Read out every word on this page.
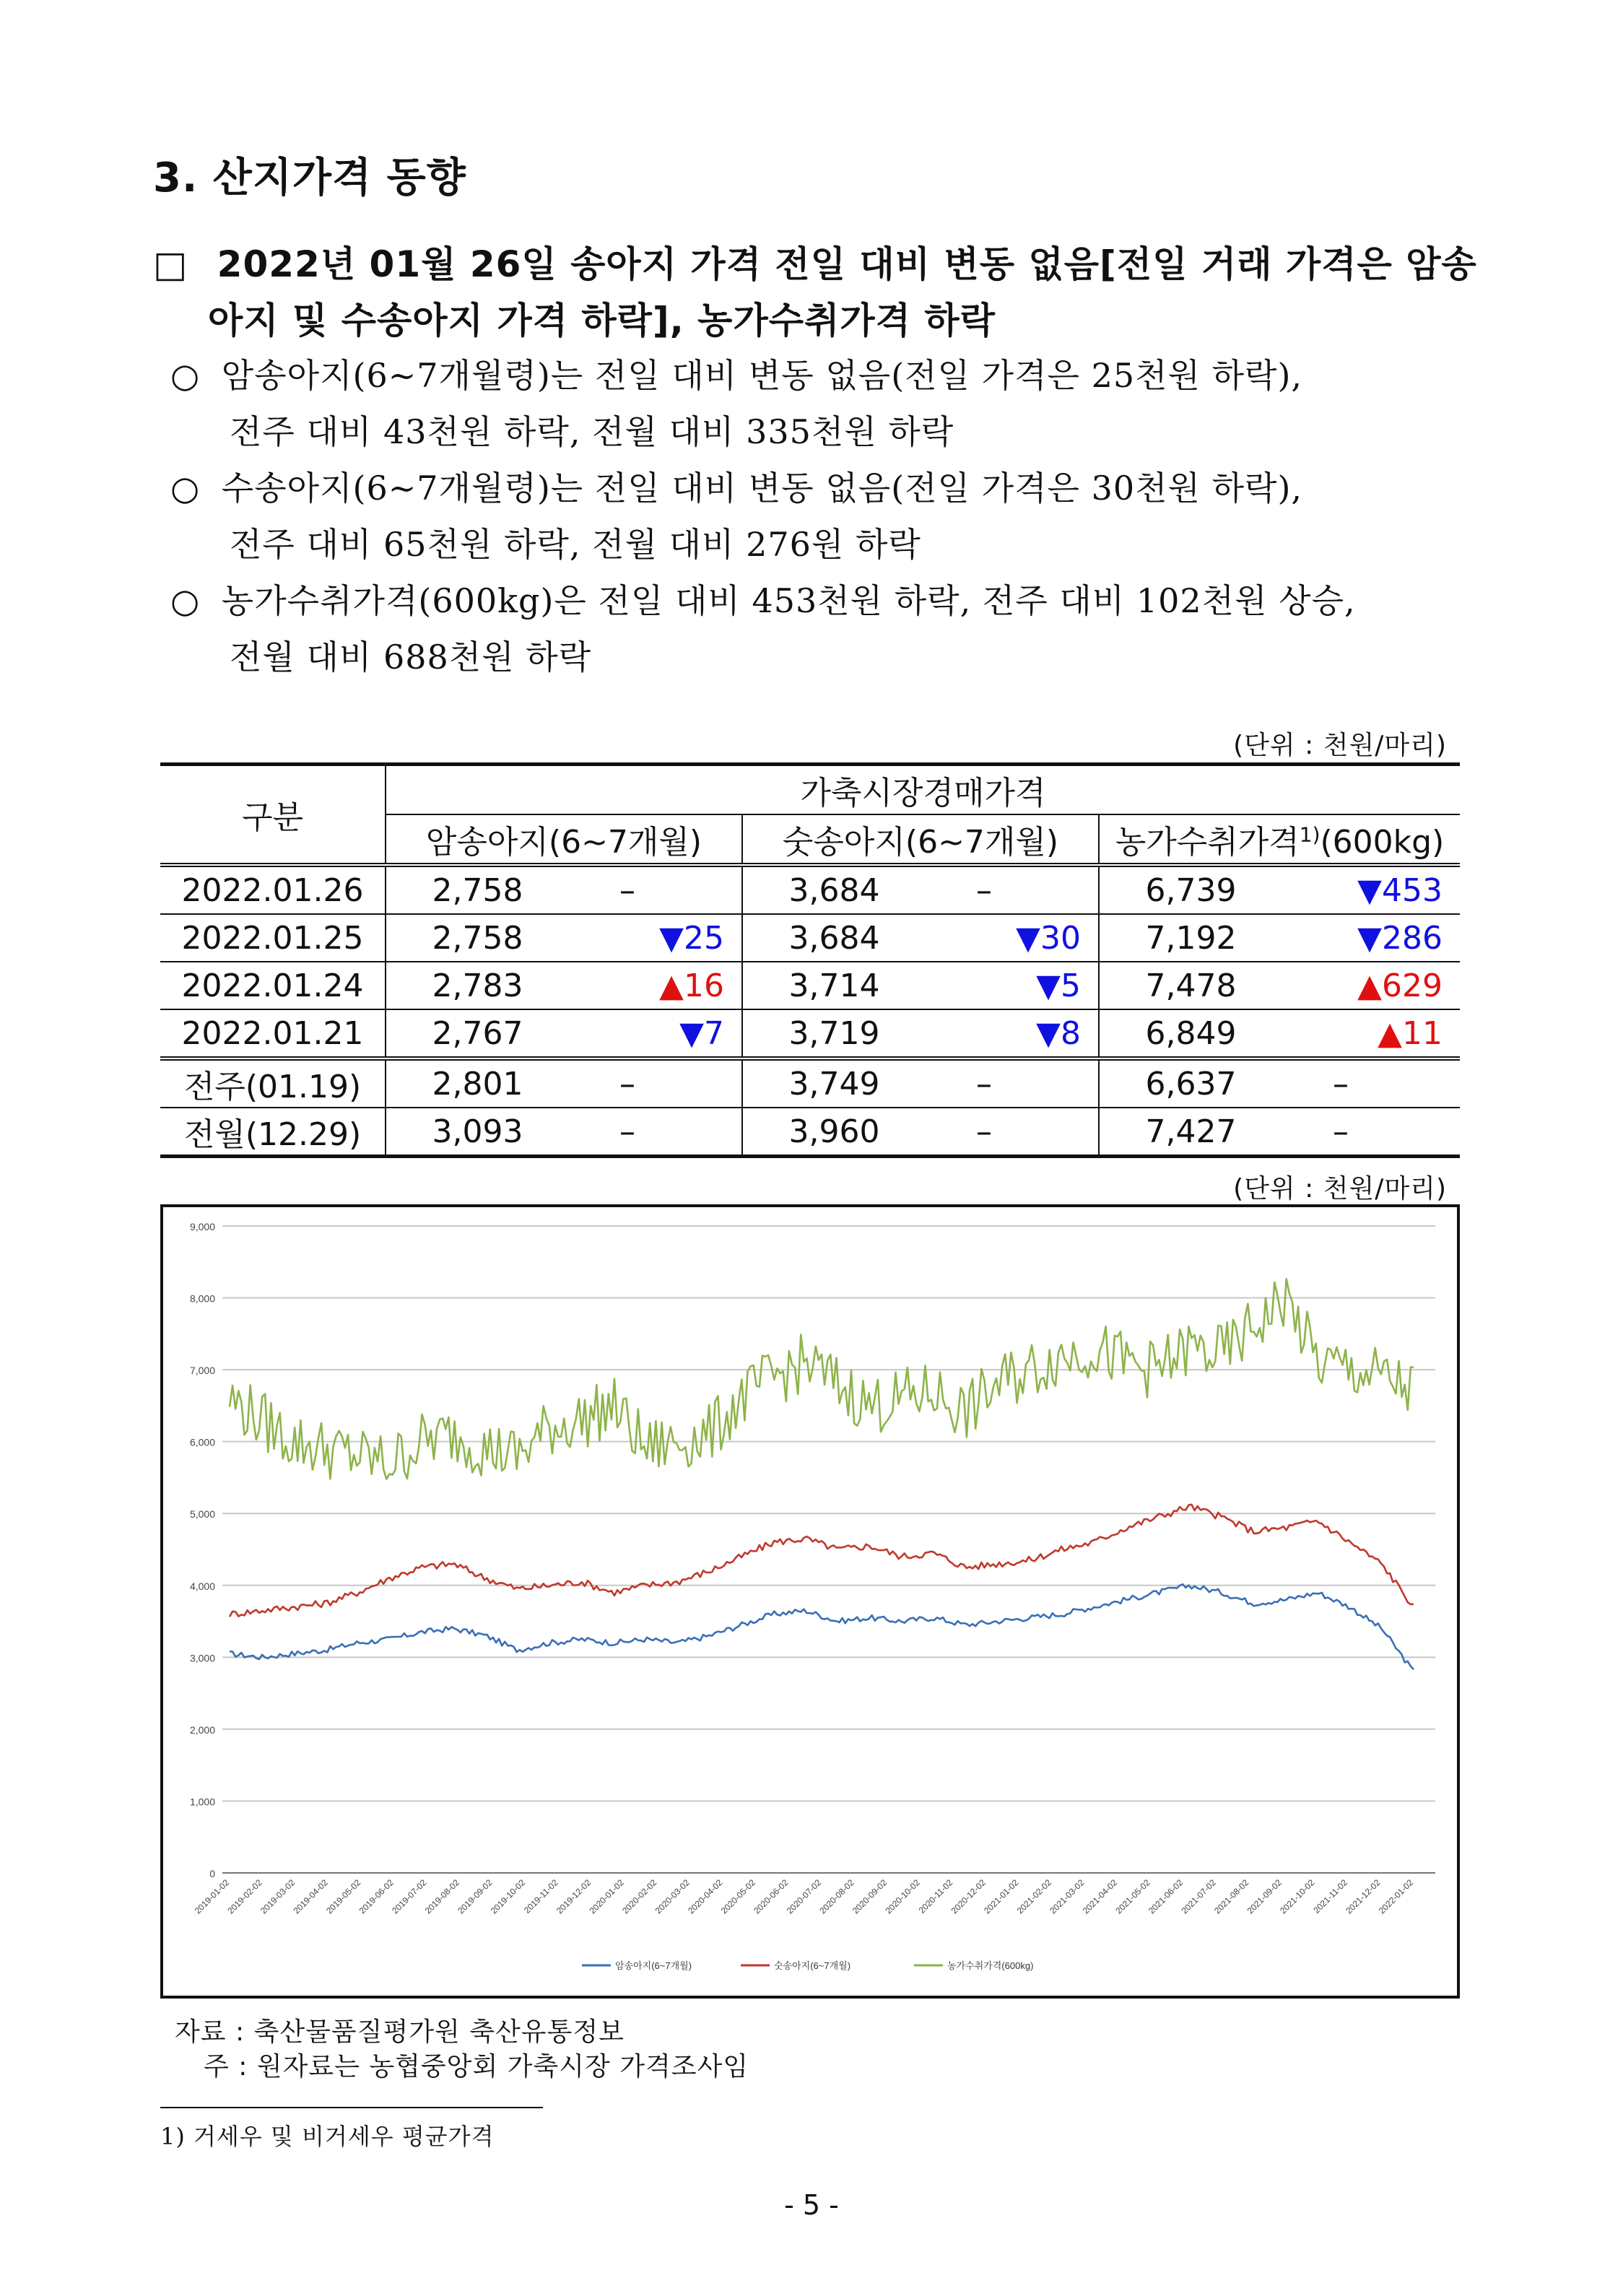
3. 산지가격 동향
□ 2022년 01월 26일 송아지 가격 전일 대비 변동 없음[전일 거래 가격은 암송
아지 및 수송아지 가격 하락], 농가수취가격 하락
○ 암송아지(6~7개월령)는 전일 대비 변동 없음(전일 가격은 25천원 하락),
전주 대비 43천원 하락, 전월 대비 335천원 하락
○ 수송아지(6~7개월령)는 전일 대비 변동 없음(전일 가격은 30천원 하락),
전주 대비 65천원 하락, 전월 대비 276원 하락
○ 농가수취가격(600kg)은 전일 대비 453천원 하락, 전주 대비 102천원 상승,
전월 대비 688천원 하락
(단위 : 천원/마리)
구분	가축시장경매가격					
	암송아지(6~7개월)		숫송아지(6~7개월)		농가수취가격$^{1)}$(600kg)	
2022.01.26	2,758	–	3,684	–	6,739	▼453
2022.01.25	2,758	▼25	3,684	▼30	7,192	▼286
2022.01.24	2,783	▲16	3,714	▼5	7,478	▲629
2022.01.21	2,767	▼7	3,719	▼8	6,849	▲11
전주(01.19)	2,801	–	3,749	–	6,637	–
전월(12.29)	3,093	–	3,960	–	7,427	–
(단위 : 천원/마리)
0
1,000
2,000
3,000
4,000
5,000
6,000
7,000
8,000
9,000
2019-01-02
2019-02-02
2019-03-02
2019-04-02
2019-05-02
2019-06-02
2019-07-02
2019-08-02
2019-09-02
2019-10-02
2019-11-02
2019-12-02
2020-01-02
2020-02-02
2020-03-02
2020-04-02
2020-05-02
2020-06-02
2020-07-02
2020-08-02
2020-09-02
2020-10-02
2020-11-02
2020-12-02
2021-01-02
2021-02-02
2021-03-02
2021-04-02
2021-05-02
2021-06-02
2021-07-02
2021-08-02
2021-09-02
2021-10-02
2021-11-02
2021-12-02
2022-01-02
암송아지(6~7개월)	숫송아지(6~7개월)	농가수취가격(600kg)
자료 : 축산물품질평가원 축산유통정보
주 : 원자료는 농협중앙회 가축시장 가격조사임
1) 거세우 및 비거세우 평균가격
- 5 -
